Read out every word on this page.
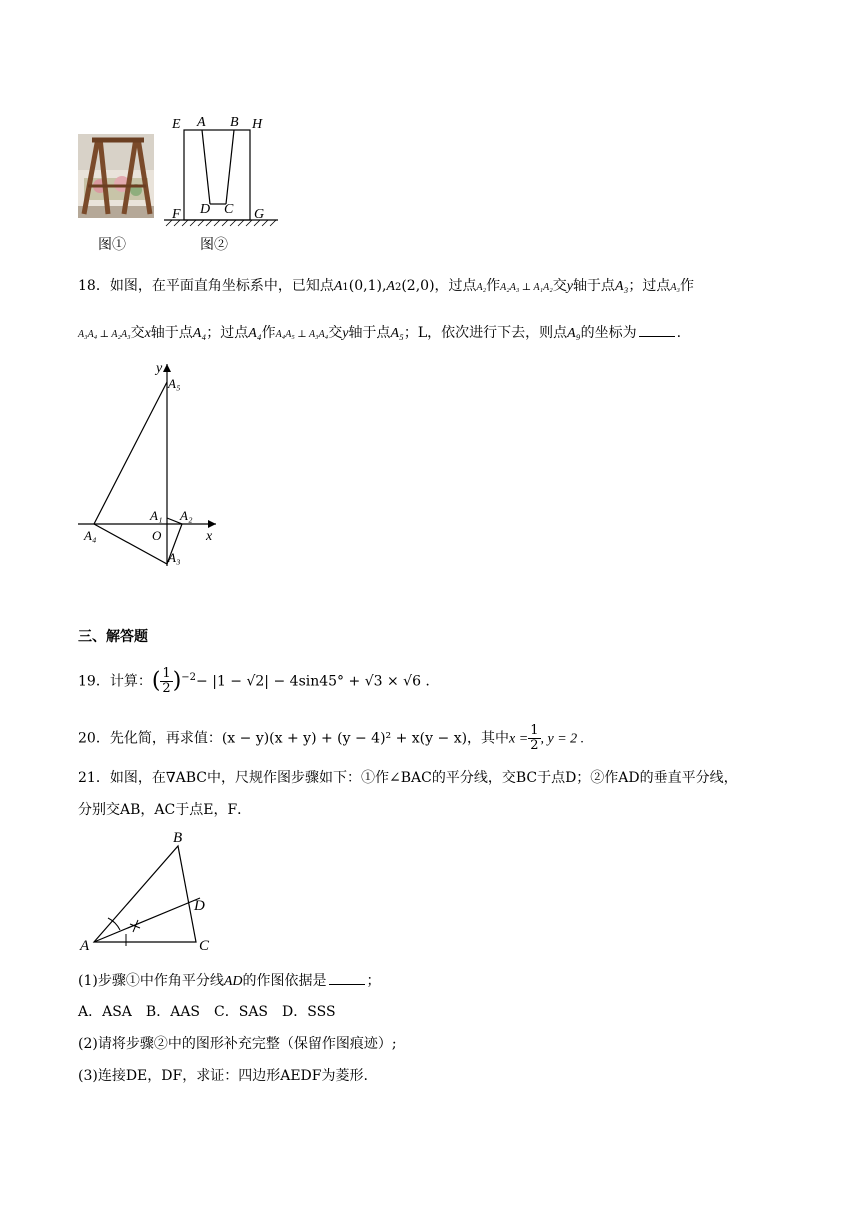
E A B H
F D C G
图①	图②
18．如图，在平面直角坐标系中，已知点A1(0,1),A2(2,0)，过点A₂作A₂A₃ ⊥ A₁A₂交y轴于点A₃；过点A₃作
A₃A₄ ⊥ A₂A₃交x轴于点A₄；过点A₄作A₄A₅ ⊥ A₃A₄交y轴于点A₅；L，依次进行下去，则点A₉的坐标为	.
y
x
O
A₁ A₂
A₃
A₄
A₅
三、解答题
19．计算：( $\frac{1}{2} )^{-2}- |1 - √2| - 4\sin 45^\circ + √3 \times √6$ .
20．先化简，再求值：(x − y)(x + y) + (y − 4)² + x(y − x)，其中$x = \frac{1}{2}$ , y = 2 .
21．如图，在∇ABC中，尺规作图步骤如下：①作∠BAC的平分线，交BC于点D；②作AD的垂直平分线，
分别交AB，AC于点E，F．
A
B
C
D
(1)步骤①中作角平分线AD的作图依据是	；
A．ASA　B．AAS　C．SAS　D．SSS
(2)请将步骤②中的图形补充完整（保留作图痕迹）;
(3)连接DE，DF，求证：四边形AEDF为菱形.
